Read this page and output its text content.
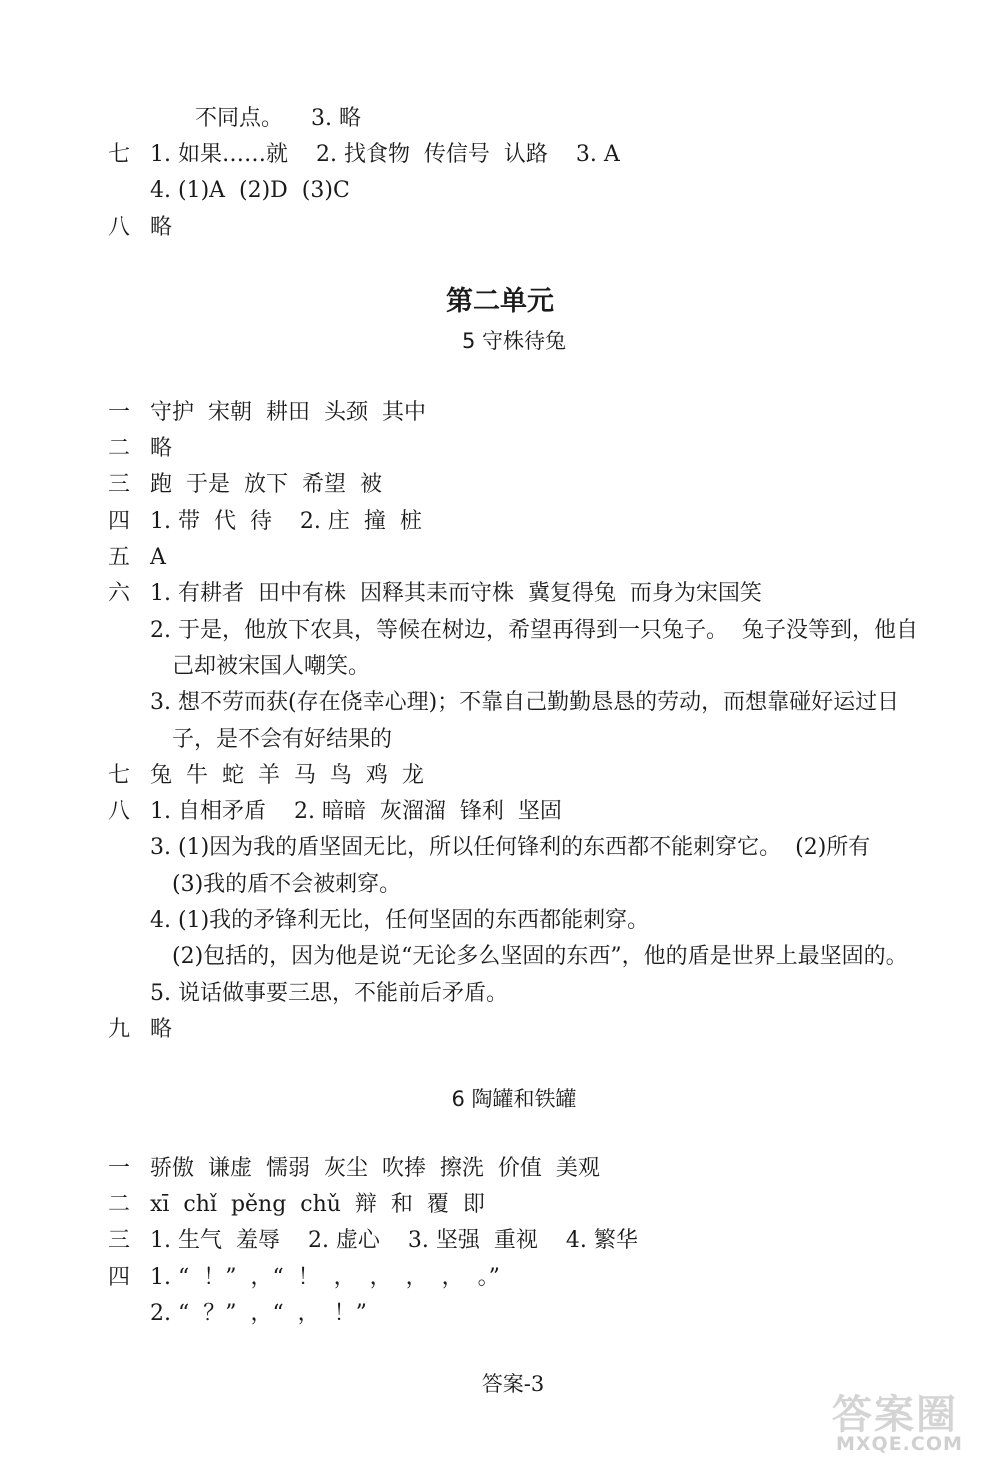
不同点。    3. 略
七 1. 如果……就    2. 找食物  传信号  认路    3. A
4. (1)A  (2)D  (3)C
八 略
第二单元
5 守株待兔
一 守护  宋朝  耕田  头颈  其中
二 略
三 跑  于是  放下  希望  被
四 1. 带  代  待    2. 庄  撞  桩
五 A
六 1. 有耕者  田中有株  因释其耒而守株  冀复得兔  而身为宋国笑
2. 于是，他放下农具，等候在树边，希望再得到一只兔子。  兔子没等到，他自
己却被宋国人嘲笑。
3. 想不劳而获(存在侥幸心理)；不靠自己勤勤恳恳的劳动，而想靠碰好运过日
子，是不会有好结果的
七 兔  牛  蛇  羊  马  鸟  鸡  龙
八 1. 自相矛盾    2. 暗暗  灰溜溜  锋利  坚固
3. (1)因为我的盾坚固无比，所以任何锋利的东西都不能刺穿它。  (2)所有
(3)我的盾不会被刺穿。
4. (1)我的矛锋利无比，任何坚固的东西都能刺穿。
(2)包括的，因为他是说“无论多么坚固的东西”，他的盾是世界上最坚固的。
5. 说话做事要三思，不能前后矛盾。
九 略
6 陶罐和铁罐
一 骄傲  谦虚  懦弱  灰尘  吹捧  擦洗  价值  美观
二 xī  chǐ  pěng  chǔ  辩  和  覆  即
三 1. 生气  羞辱    2. 虚心    3. 坚强  重视    4. 繁华
四 1. “  ！”  ，“  ！  ，  ，  ，  ，  。”
2. “  ？”  ，“  ，  ！”
答案-3
答案圈
MXQE.COM
